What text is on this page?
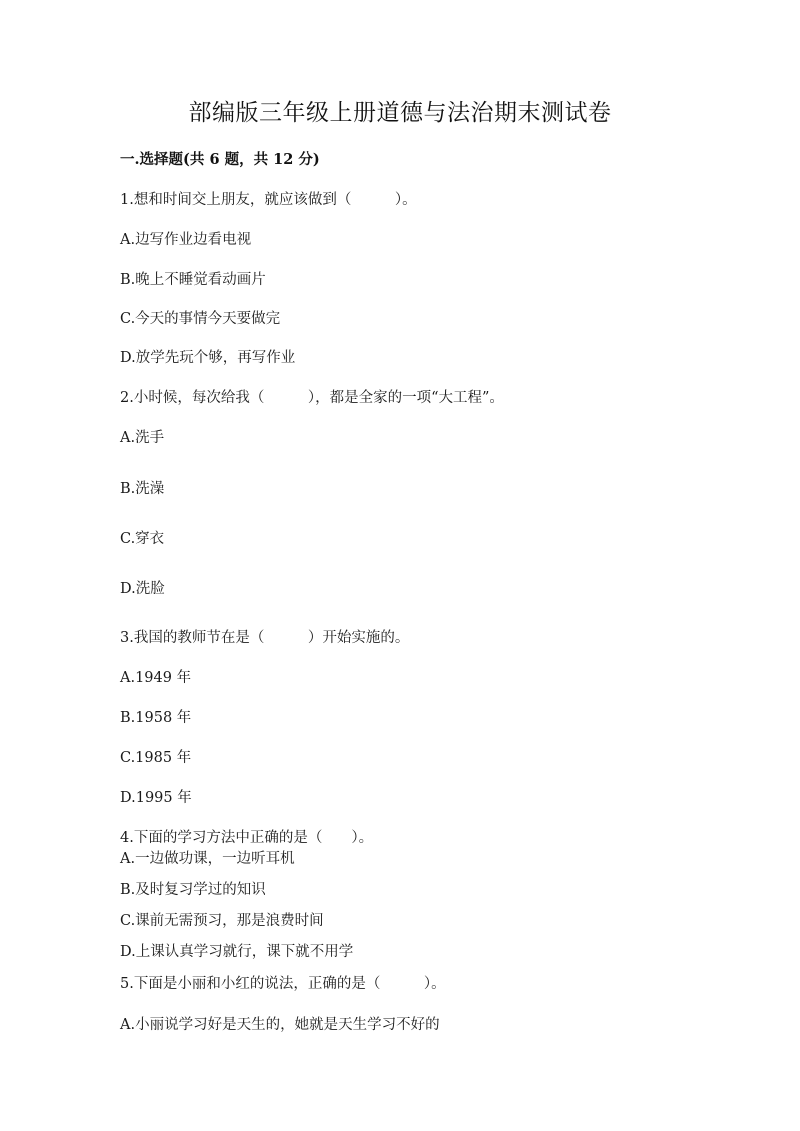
部编版三年级上册道德与法治期末测试卷
一.选择题(共 6 题，共 12 分)
1.想和时间交上朋友，就应该做到（　　　）。
A.边写作业边看电视
B.晚上不睡觉看动画片
C.今天的事情今天要做完
D.放学先玩个够，再写作业
2.小时候，每次给我（　　　），都是全家的一项“大工程”。
A.洗手
B.洗澡
C.穿衣
D.洗脸
3.我国的教师节在是（　　　）开始实施的。
A.1949 年
B.1958 年
C.1985 年
D.1995 年
4.下面的学习方法中正确的是（　　）。
A.一边做功课，一边听耳机
B.及时复习学过的知识
C.课前无需预习，那是浪费时间
D.上课认真学习就行，课下就不用学
5.下面是小丽和小红的说法，正确的是（　　　）。
A.小丽说学习好是天生的，她就是天生学习不好的
